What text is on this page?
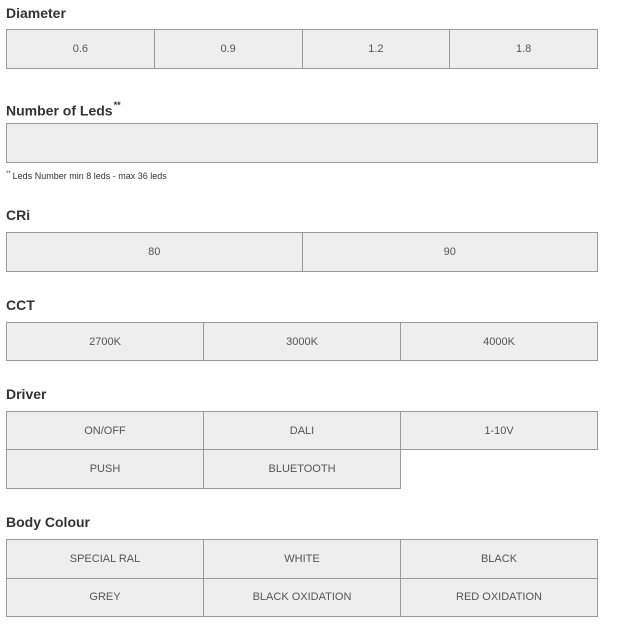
Diameter
0.6	0.9	1.2	1.8
Number of Leds**
** Leds Number min 8 leds - max 36 leds
CRi
80	90
CCT
2700K	3000K	4000K
Driver
ON/OFF	DALI	1-10V
PUSH	BLUETOOTH
Body Colour
SPECIAL RAL	WHITE	BLACK
GREY	BLACK OXIDATION	RED OXIDATION
